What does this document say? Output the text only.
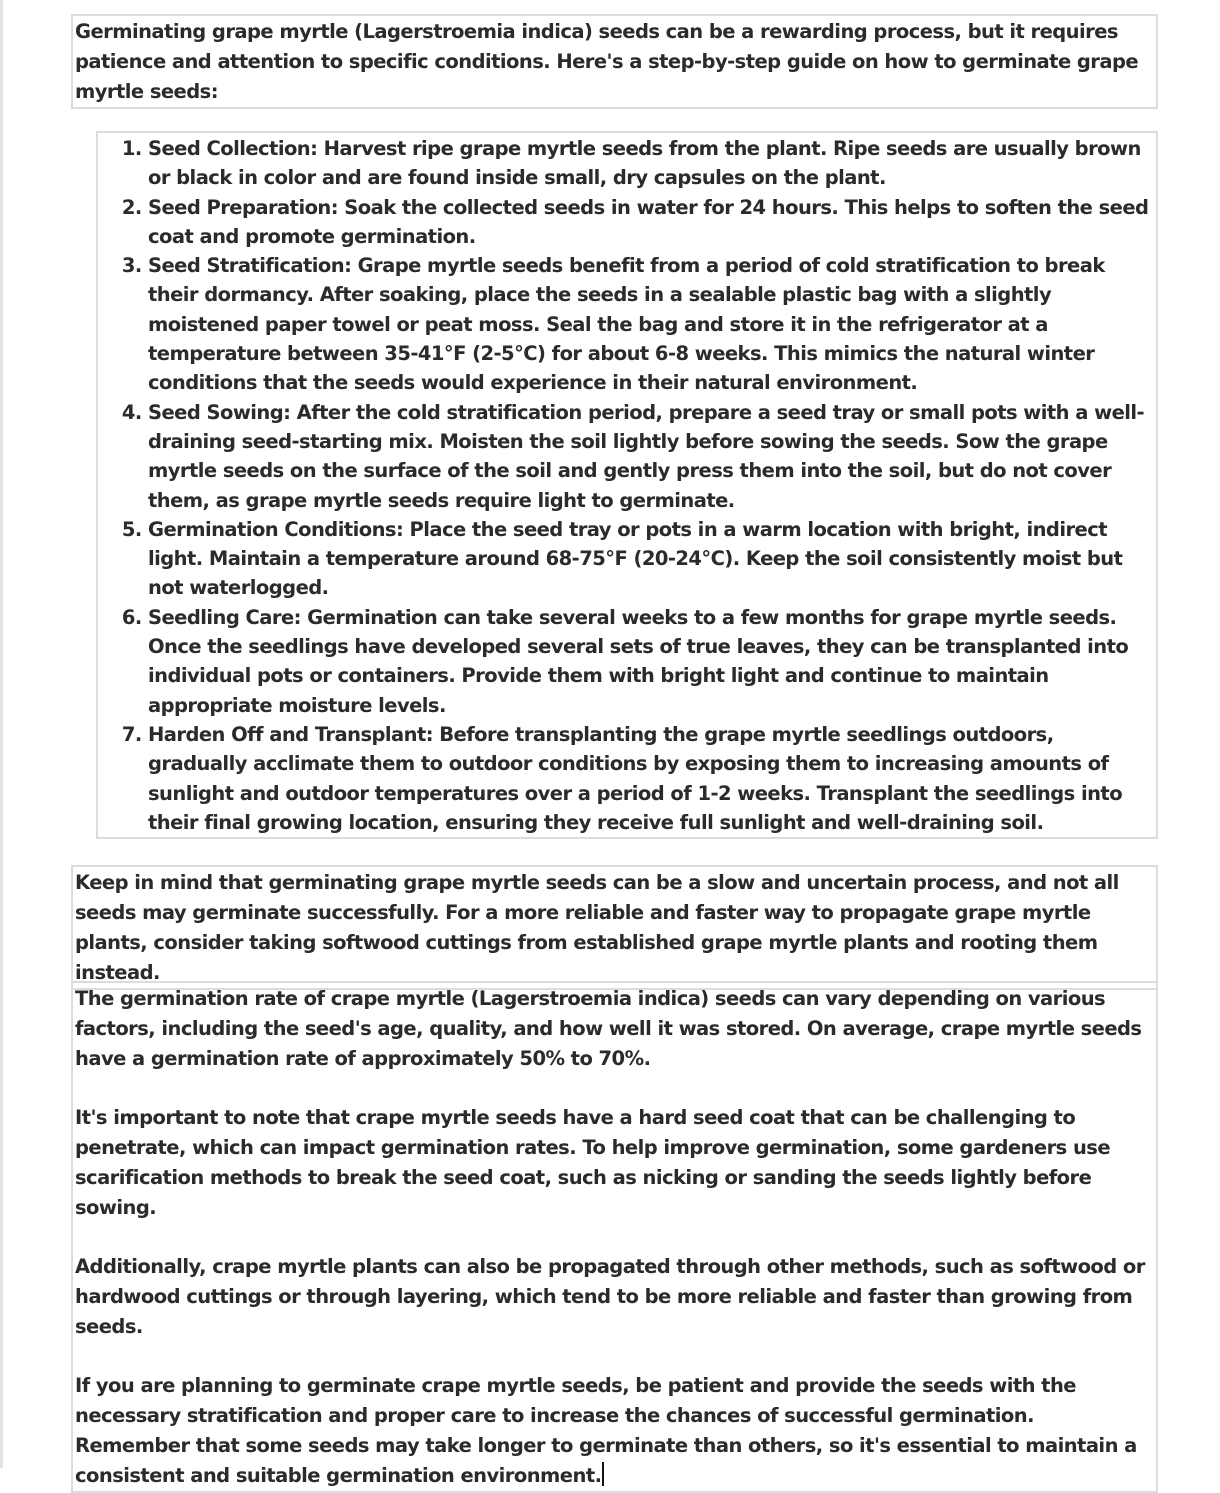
Germinating grape myrtle (Lagerstroemia indica) seeds can be a rewarding process, but it requires patience and attention to specific conditions. Here's a step-by-step guide on how to germinate grape myrtle seeds:

1. Seed Collection: Harvest ripe grape myrtle seeds from the plant. Ripe seeds are usually brown or black in color and are found inside small, dry capsules on the plant.
2. Seed Preparation: Soak the collected seeds in water for 24 hours. This helps to soften the seed coat and promote germination.
3. Seed Stratification: Grape myrtle seeds benefit from a period of cold stratification to break their dormancy. After soaking, place the seeds in a sealable plastic bag with a slightly moistened paper towel or peat moss. Seal the bag and store it in the refrigerator at a temperature between 35-41°F (2-5°C) for about 6-8 weeks. This mimics the natural winter conditions that the seeds would experience in their natural environment.
4. Seed Sowing: After the cold stratification period, prepare a seed tray or small pots with a well-draining seed-starting mix. Moisten the soil lightly before sowing the seeds. Sow the grape myrtle seeds on the surface of the soil and gently press them into the soil, but do not cover them, as grape myrtle seeds require light to germinate.
5. Germination Conditions: Place the seed tray or pots in a warm location with bright, indirect light. Maintain a temperature around 68-75°F (20-24°C). Keep the soil consistently moist but not waterlogged.
6. Seedling Care: Germination can take several weeks to a few months for grape myrtle seeds. Once the seedlings have developed several sets of true leaves, they can be transplanted into individual pots or containers. Provide them with bright light and continue to maintain appropriate moisture levels.
7. Harden Off and Transplant: Before transplanting the grape myrtle seedlings outdoors, gradually acclimate them to outdoor conditions by exposing them to increasing amounts of sunlight and outdoor temperatures over a period of 1-2 weeks. Transplant the seedlings into their final growing location, ensuring they receive full sunlight and well-draining soil.

Keep in mind that germinating grape myrtle seeds can be a slow and uncertain process, and not all seeds may germinate successfully. For a more reliable and faster way to propagate grape myrtle plants, consider taking softwood cuttings from established grape myrtle plants and rooting them instead.

The germination rate of crape myrtle (Lagerstroemia indica) seeds can vary depending on various factors, including the seed's age, quality, and how well it was stored. On average, crape myrtle seeds have a germination rate of approximately 50% to 70%.

It's important to note that crape myrtle seeds have a hard seed coat that can be challenging to penetrate, which can impact germination rates. To help improve germination, some gardeners use scarification methods to break the seed coat, such as nicking or sanding the seeds lightly before sowing.

Additionally, crape myrtle plants can also be propagated through other methods, such as softwood or hardwood cuttings or through layering, which tend to be more reliable and faster than growing from seeds.

If you are planning to germinate crape myrtle seeds, be patient and provide the seeds with the necessary stratification and proper care to increase the chances of successful germination. Remember that some seeds may take longer to germinate than others, so it's essential to maintain a consistent and suitable germination environment.
